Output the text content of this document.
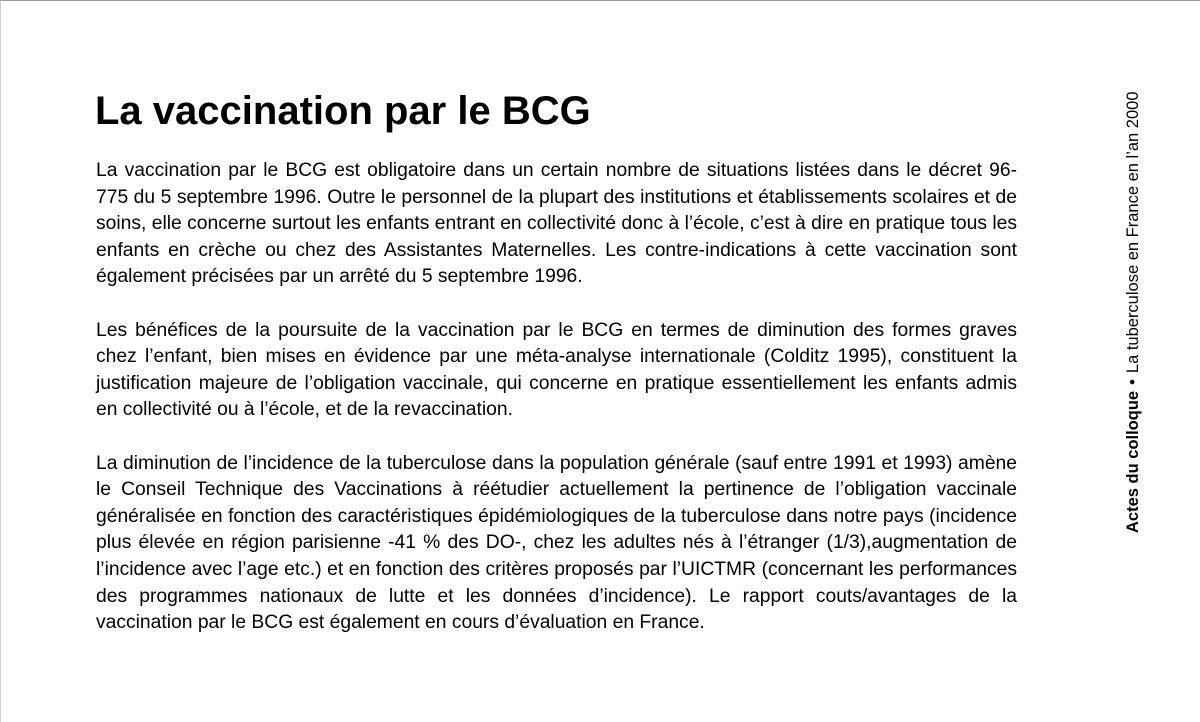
La vaccination par le BCG

La vaccination par le BCG est obligatoire dans un certain nombre de situations listées dans le décret 96-775 du 5 septembre 1996. Outre le personnel de la plupart des institutions et établissements scolaires et de soins, elle concerne surtout les enfants entrant en collectivité donc à l’école, c’est à dire en pratique tous les enfants en crèche ou chez des Assistantes Maternelles. Les contre-indications à cette vaccination sont également précisées par un arrêté du 5 septembre 1996.

Les bénéfices de la poursuite de la vaccination par le BCG en termes de diminution des formes graves chez l’enfant, bien mises en évidence par une méta-analyse internationale (Colditz 1995), constituent la justification majeure de l’obligation vaccinale, qui concerne en pratique essentiellement les enfants admis en collectivité ou à l’école, et de la revaccination.

La diminution de l’incidence de la tuberculose dans la population générale (sauf entre 1991 et 1993) amène le Conseil Technique des Vaccinations à réétudier actuellement la pertinence de l’obligation vaccinale généralisée en fonction des caractéristiques épidémiologiques de la tuberculose dans notre pays (incidence plus élevée en région parisienne -41 % des DO-, chez les adultes nés à l’étranger (1/3),augmentation de l’incidence avec l’age etc.) et en fonction des critères proposés par l’UICTMR (concernant les performances des programmes nationaux de lutte et les données d’incidence). Le rapport couts/avantages de la vaccination par le BCG est également en cours d’évaluation en France.

Actes du colloque•La tuberculose en France en l’an 2000
